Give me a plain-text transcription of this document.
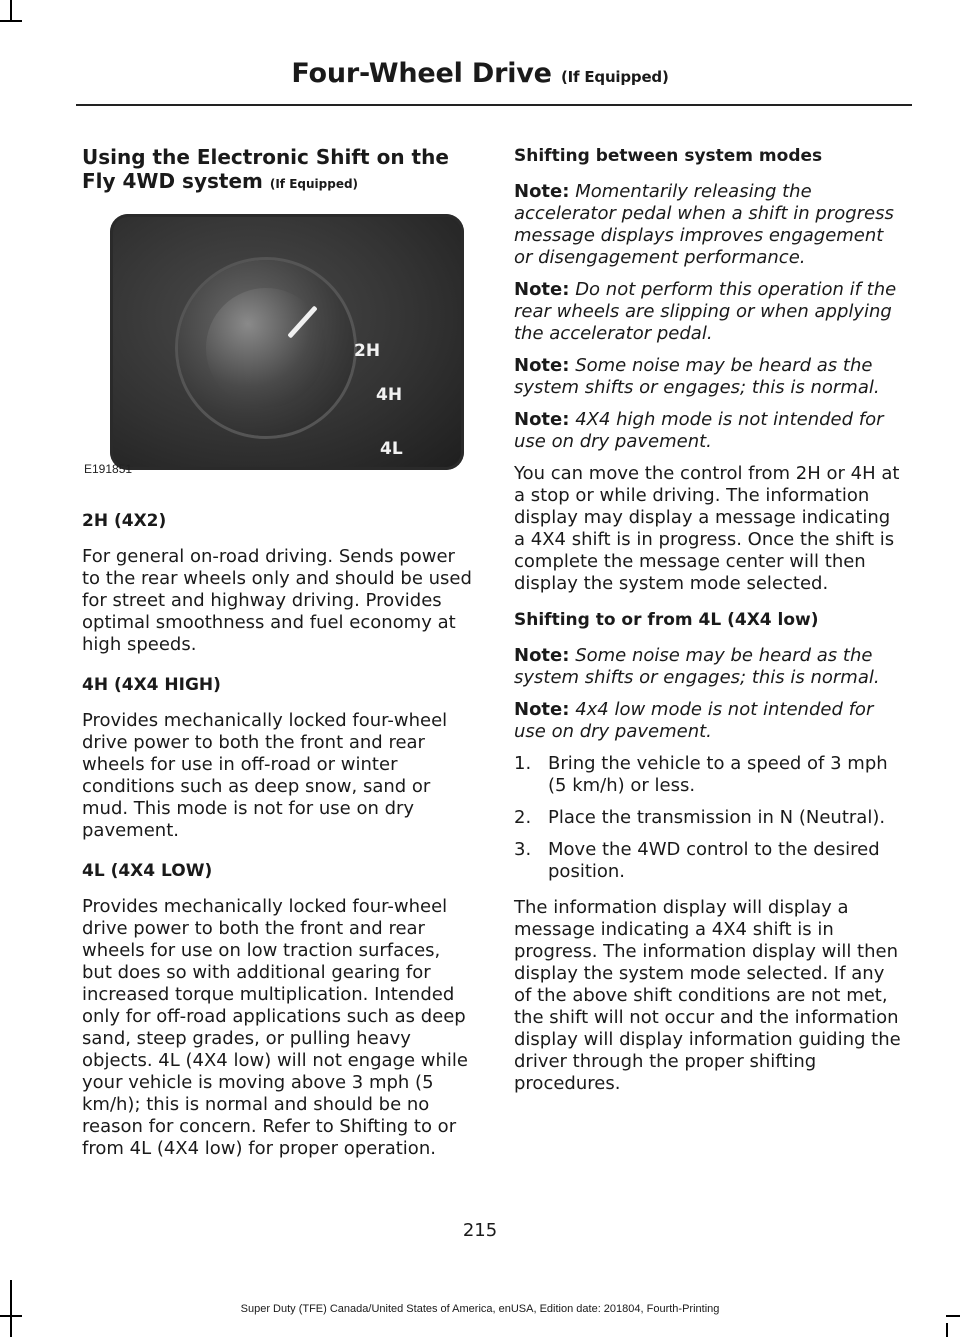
Four-Wheel Drive (If Equipped)
Using the Electronic Shift on the Fly 4WD system (If Equipped)
2H
4H
4L
E191851
2H (4X2)

For general on-road driving. Sends power to the rear wheels only and should be used for street and highway driving. Provides optimal smoothness and fuel economy at high speeds.

4H (4X4 HIGH)

Provides mechanically locked four-wheel drive power to both the front and rear wheels for use in off-road or winter conditions such as deep snow, sand or mud. This mode is not for use on dry pavement.

4L (4X4 LOW)

Provides mechanically locked four-wheel drive power to both the front and rear wheels for use on low traction surfaces, but does so with additional gearing for increased torque multiplication. Intended only for off-road applications such as deep sand, steep grades, or pulling heavy objects. 4L (4X4 low) will not engage while your vehicle is moving above 3 mph (5 km/h); this is normal and should be no reason for concern. Refer to Shifting to or from 4L (4X4 low) for proper operation.

Shifting between system modes

Note: Momentarily releasing the accelerator pedal when a shift in progress message displays improves engagement or disengagement performance.

Note: Do not perform this operation if the rear wheels are slipping or when applying the accelerator pedal.

Note: Some noise may be heard as the system shifts or engages; this is normal.

Note: 4X4 high mode is not intended for use on dry pavement.

You can move the control from 2H or 4H at a stop or while driving. The information display may display a message indicating a 4X4 shift is in progress. Once the shift is complete the message center will then display the system mode selected.

Shifting to or from 4L (4X4 low)

Note: Some noise may be heard as the system shifts or engages; this is normal.

Note: 4x4 low mode is not intended for use on dry pavement.

1. Bring the vehicle to a speed of 3 mph (5 km/h) or less.
2. Place the transmission in N (Neutral).
3. Move the 4WD control to the desired position.

The information display will display a message indicating a 4X4 shift is in progress. The information display will then display the system mode selected. If any of the above shift conditions are not met, the shift will not occur and the information display will display information guiding the driver through the proper shifting procedures.

215
Super Duty (TFE) Canada/United States of America, enUSA, Edition date: 201804, Fourth-Printing
